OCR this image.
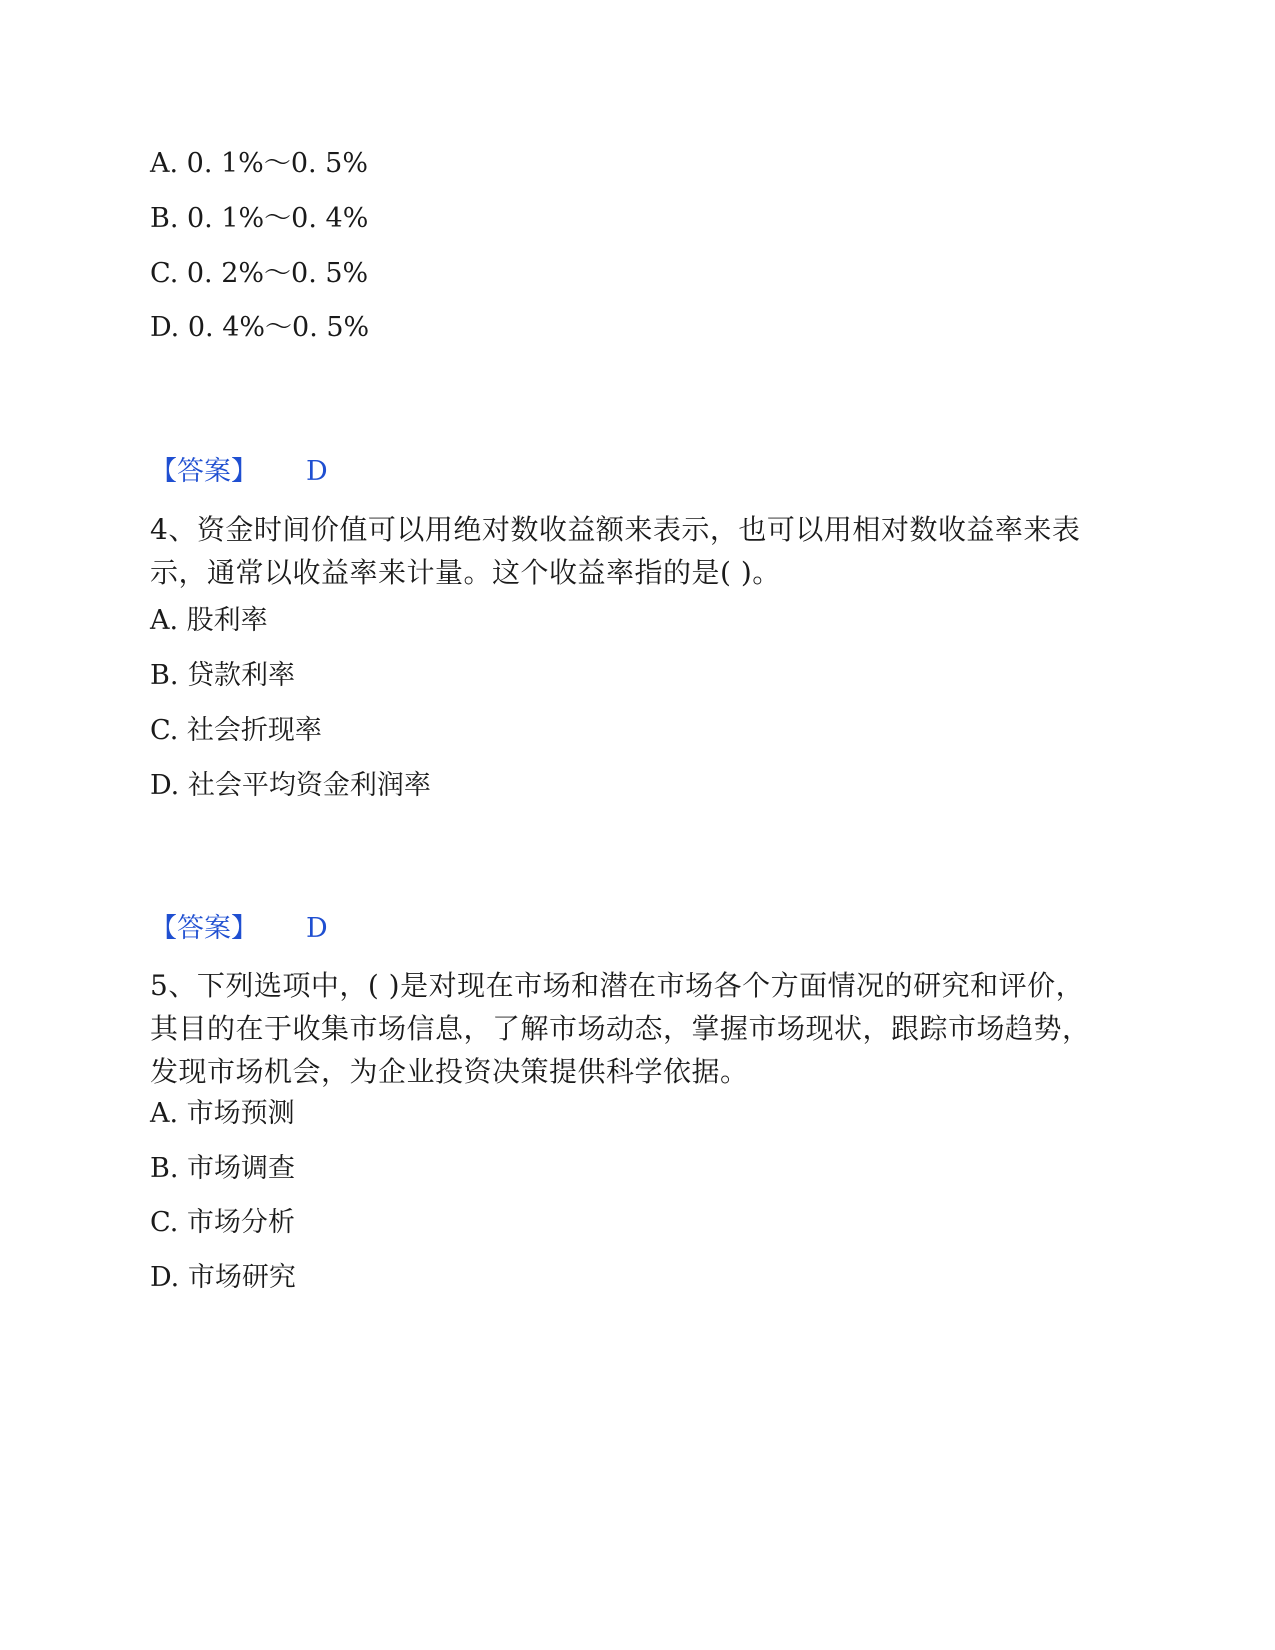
A. 0. 1%～0. 5%
B. 0. 1%～0. 4%
C. 0. 2%～0. 5%
D. 0. 4%～0. 5%
【答案】 D
4、资金时间价值可以用绝对数收益额来表示，也可以用相对数收益率来表
示，通常以收益率来计量。这个收益率指的是( )。
A. 股利率
B. 贷款利率
C. 社会折现率
D. 社会平均资金利润率
【答案】 D
5、下列选项中，( )是对现在市场和潜在市场各个方面情况的研究和评价，
其目的在于收集市场信息，了解市场动态，掌握市场现状，跟踪市场趋势，
发现市场机会，为企业投资决策提供科学依据。
A. 市场预测
B. 市场调查
C. 市场分析
D. 市场研究
